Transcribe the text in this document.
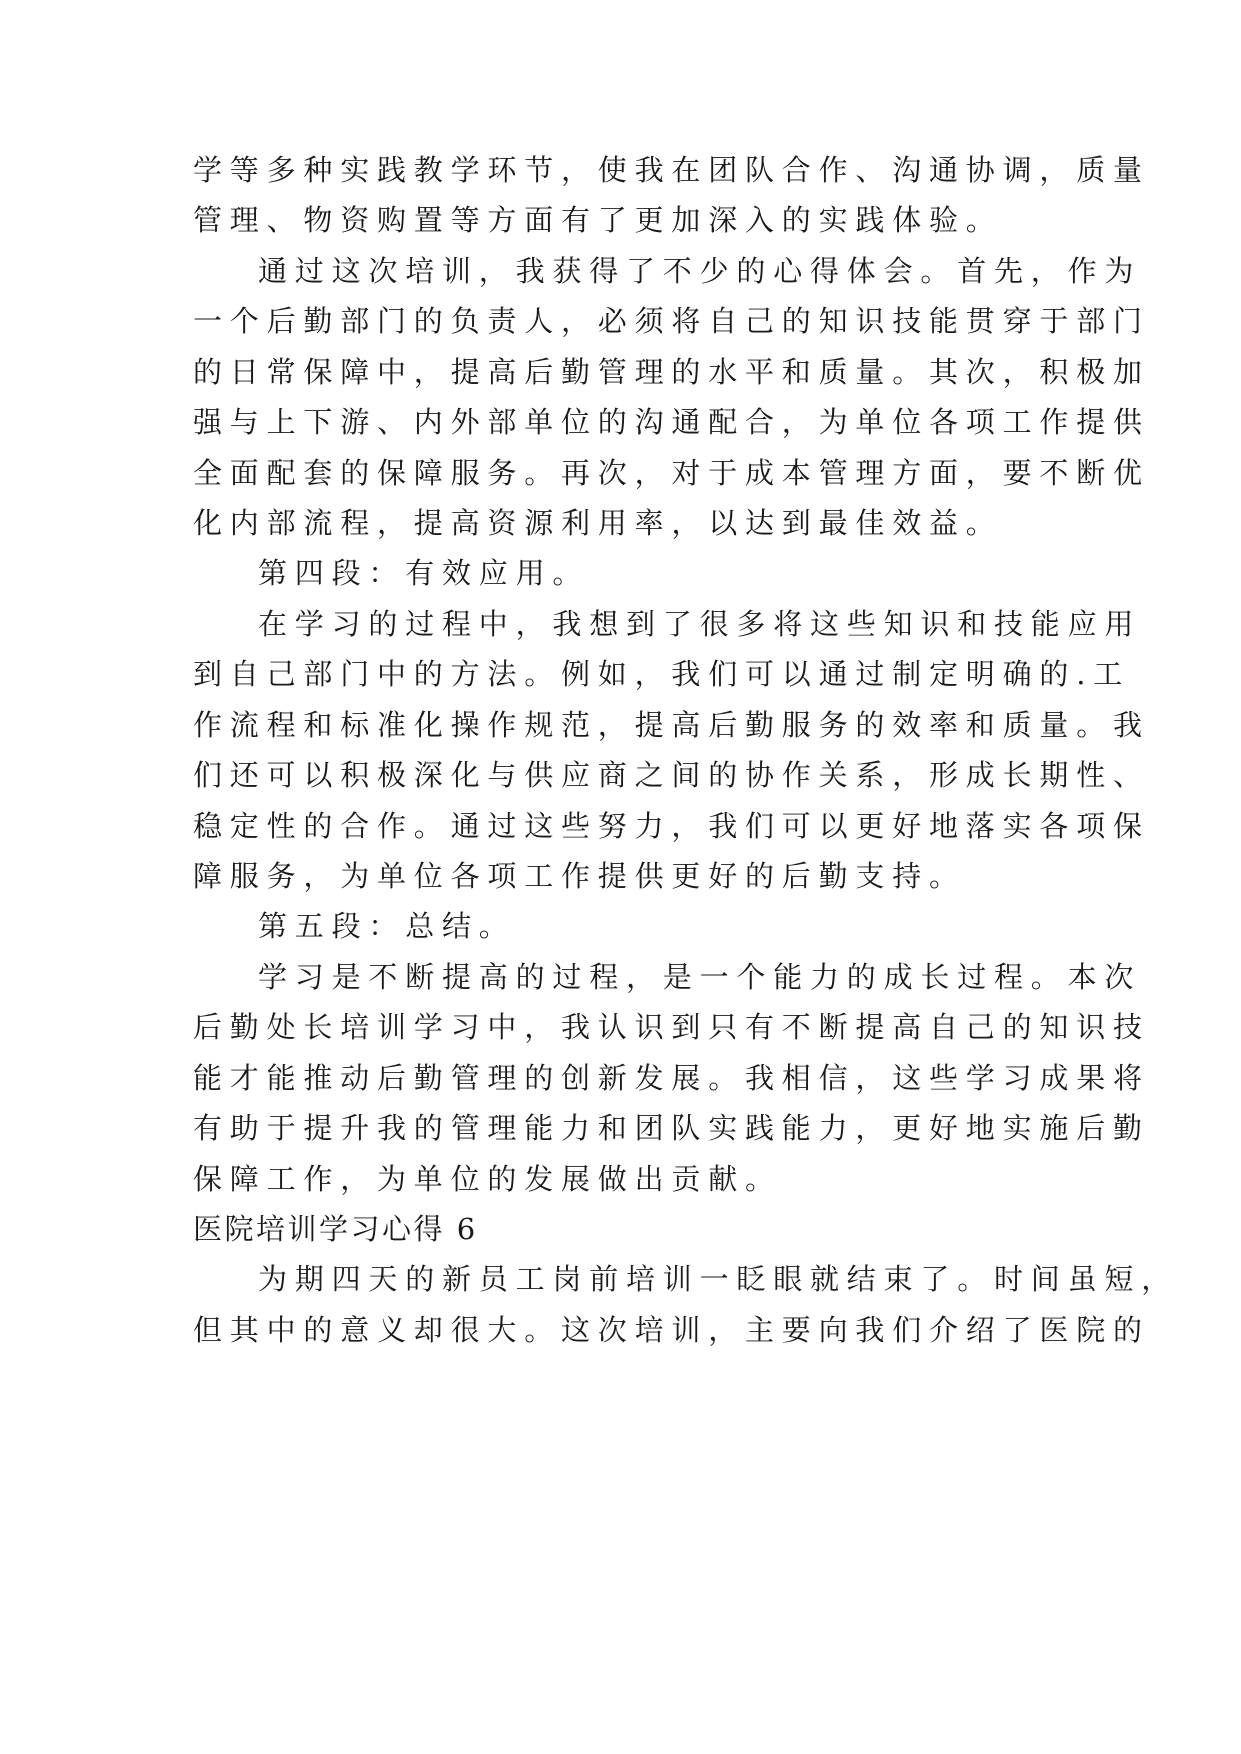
学等多种实践教学环节，使我在团队合作、沟通协调，质量
管理、物资购置等方面有了更加深入的实践体验。
通过这次培训，我获得了不少的心得体会。首先，作为
一个后勤部门的负责人，必须将自己的知识技能贯穿于部门
的日常保障中，提高后勤管理的水平和质量。其次，积极加
强与上下游、内外部单位的沟通配合，为单位各项工作提供
全面配套的保障服务。再次，对于成本管理方面，要不断优
化内部流程，提高资源利用率，以达到最佳效益。
第四段：有效应用。
在学习的过程中，我想到了很多将这些知识和技能应用
到自己部门中的方法。例如，我们可以通过制定明确的.工
作流程和标准化操作规范，提高后勤服务的效率和质量。我
们还可以积极深化与供应商之间的协作关系，形成长期性、
稳定性的合作。通过这些努力，我们可以更好地落实各项保
障服务，为单位各项工作提供更好的后勤支持。
第五段：总结。
学习是不断提高的过程，是一个能力的成长过程。本次
后勤处长培训学习中，我认识到只有不断提高自己的知识技
能才能推动后勤管理的创新发展。我相信，这些学习成果将
有助于提升我的管理能力和团队实践能力，更好地实施后勤
保障工作，为单位的发展做出贡献。
医院培训学习心得 6
为期四天的新员工岗前培训一眨眼就结束了。时间虽短，
但其中的意义却很大。这次培训，主要向我们介绍了医院的
